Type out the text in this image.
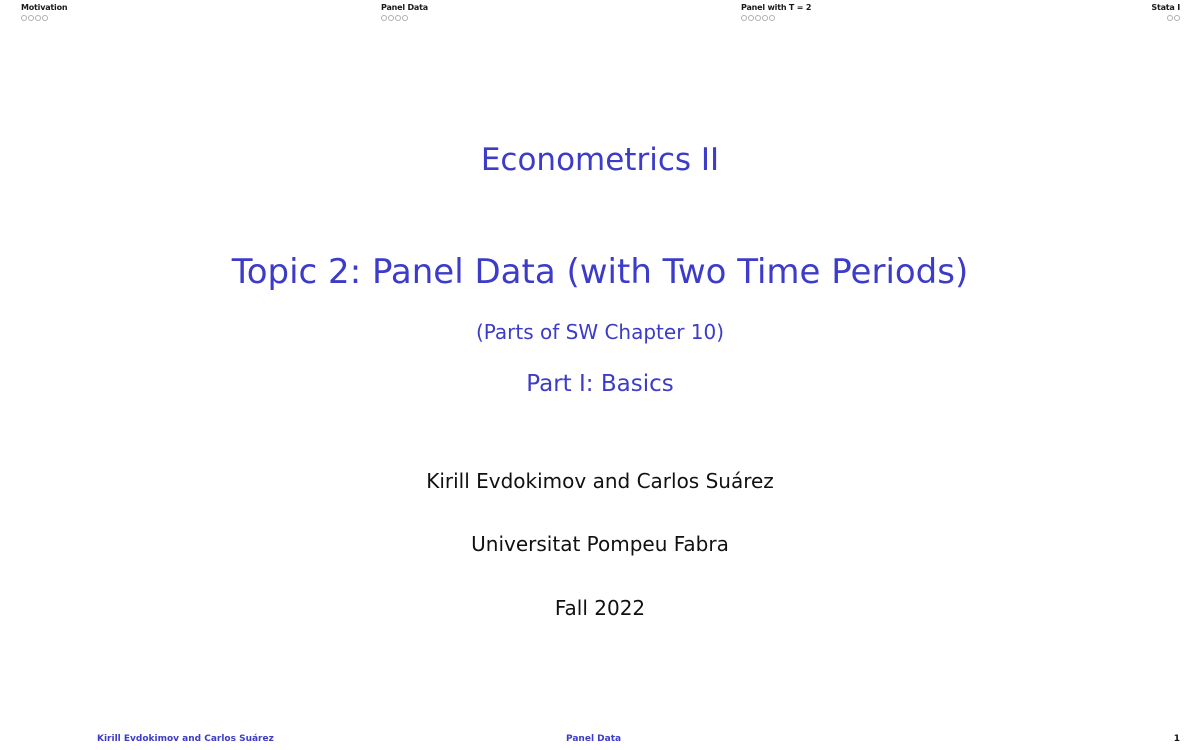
Motivation	Panel Data	Panel with T = 2	Stata I
Econometrics II
Topic 2: Panel Data (with Two Time Periods)
(Parts of SW Chapter 10)
Part I: Basics
Kirill Evdokimov and Carlos Suárez
Universitat Pompeu Fabra
Fall 2022
Kirill Evdokimov and Carlos Suárez	Panel Data	1
